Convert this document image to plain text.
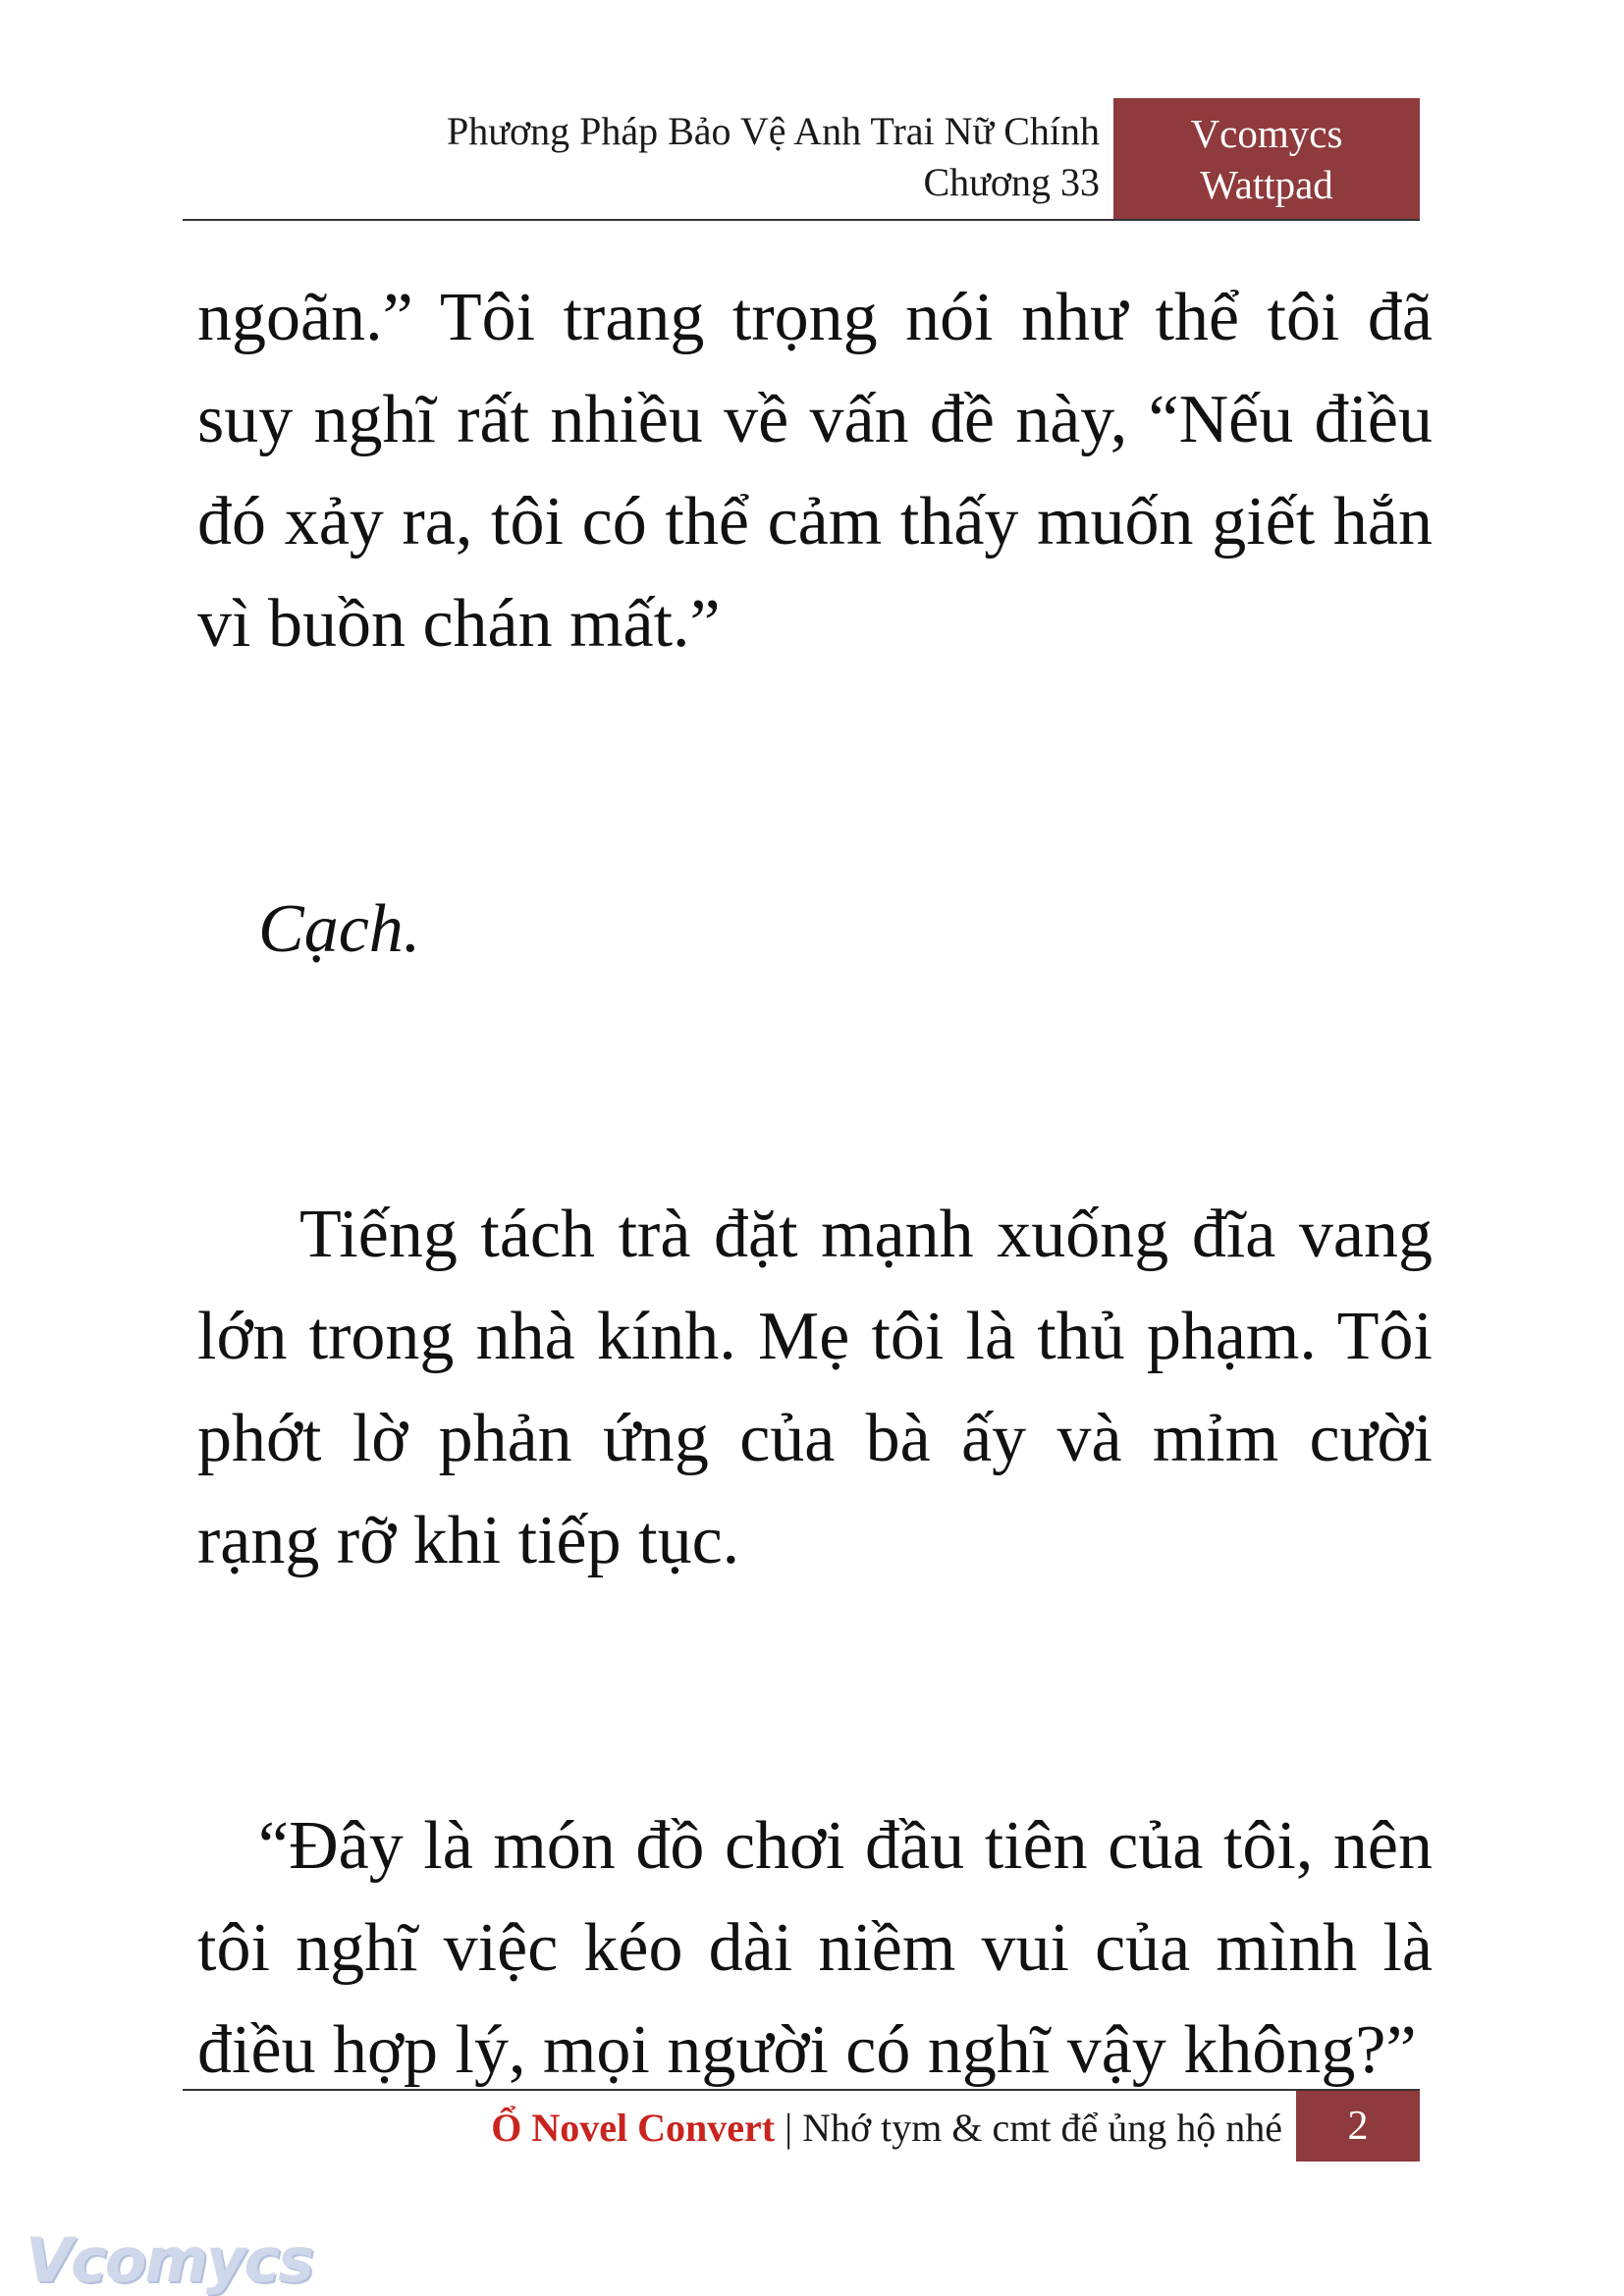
Phương Pháp Bảo Vệ Anh Trai Nữ Chính
Chương 33
Vcomycs
Wattpad

ngoãn.” Tôi trang trọng nói như thể tôi đã suy nghĩ rất nhiều về vấn đề này, “Nếu điều đó xảy ra, tôi có thể cảm thấy muốn giết hắn vì buồn chán mất.”

Cạch.

Tiếng tách trà đặt mạnh xuống đĩa vang lớn trong nhà kính. Mẹ tôi là thủ phạm. Tôi phớt lờ phản ứng của bà ấy và mỉm cười rạng rỡ khi tiếp tục.

“Đây là món đồ chơi đầu tiên của tôi, nên tôi nghĩ việc kéo dài niềm vui của mình là điều hợp lý, mọi người có nghĩ vậy không?”

Ổ Novel Convert | Nhớ tym & cmt để ủng hộ nhé	2
Vcomycs
